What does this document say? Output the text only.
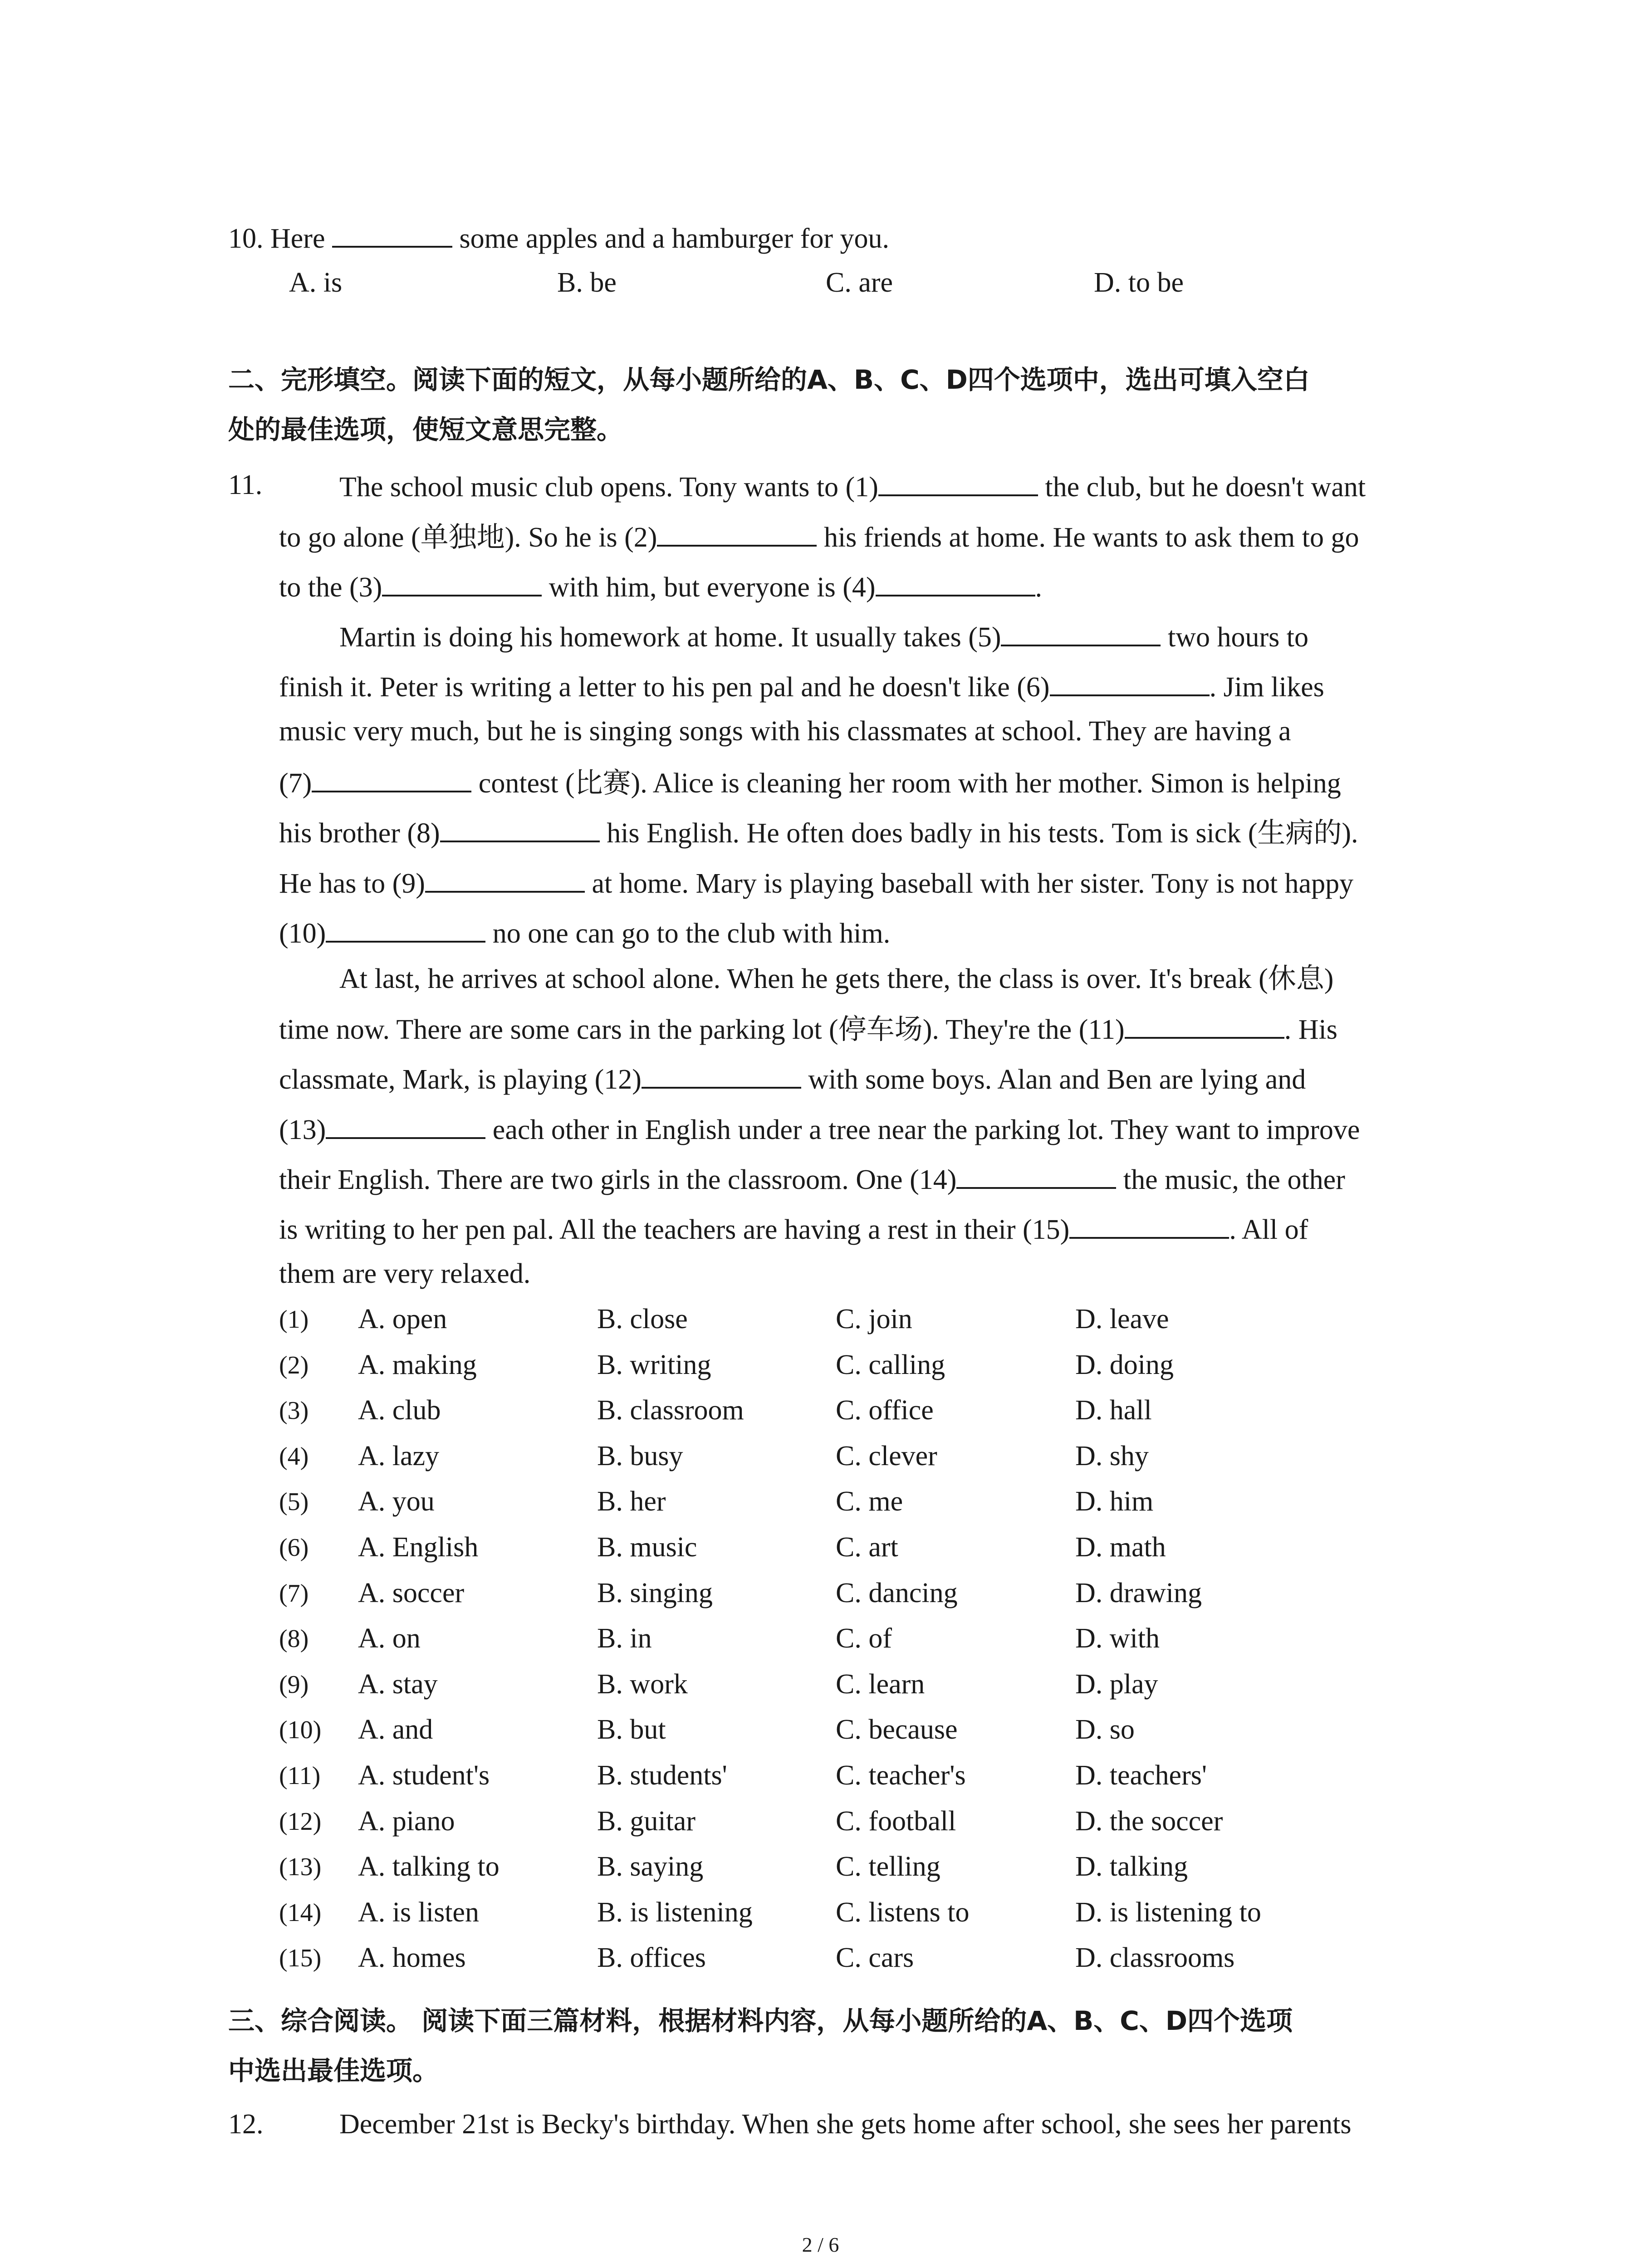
10. Here	some apples and a hamburger for you.
A. is	B. be	C. are	D. to be
二、完形填空。阅读下面的短文，从每小题所给的A、B、C、D四个选项中，选出可填入空白
处的最佳选项，使短文意思完整。
11.	The school music club opens. Tony wants to (1)	the club, but he doesn't want
to go alone (单独地). So he is (2)	his friends at home. He wants to ask them to go
to the (3)	with him, but everyone is (4)	.
Martin is doing his homework at home. It usually takes (5)	two hours to
finish it. Peter is writing a letter to his pen pal and he doesn't like (6)	. Jim likes
music very much, but he is singing songs with his classmates at school. They are having a
(7)	contest (比赛). Alice is cleaning her room with her mother. Simon is helping
his brother (8)	his English. He often does badly in his tests. Tom is sick (生病的).
He has to (9)	at home. Mary is playing baseball with her sister. Tony is not happy
(10)	no one can go to the club with him.
At last, he arrives at school alone. When he gets there, the class is over. It's break (休息)
time now. There are some cars in the parking lot (停车场). They're the (11)	. His
classmate, Mark, is playing (12)	with some boys. Alan and Ben are lying and
(13)	each other in English under a tree near the parking lot. They want to improve
their English. There are two girls in the classroom. One (14)	the music, the other
is writing to her pen pal. All the teachers are having a rest in their (15)	. All of
them are very relaxed.
(1) A. open	B. close	C. join	D. leave
(2) A. making	B. writing	C. calling	D. doing
(3) A. club	B. classroom	C. office	D. hall
(4) A. lazy	B. busy	C. clever	D. shy
(5) A. you	B. her	C. me	D. him
(6) A. English	B. music	C. art	D. math
(7) A. soccer	B. singing	C. dancing	D. drawing
(8) A. on	B. in	C. of	D. with
(9) A. stay	B. work	C. learn	D. play
(10) A. and	B. but	C. because	D. so
(11) A. student's	B. students'	C. teacher's	D. teachers'
(12) A. piano	B. guitar	C. football	D. the soccer
(13) A. talking to	B. saying	C. telling	D. talking
(14) A. is listen	B. is listening	C. listens to	D. is listening to
(15) A. homes	B. offices	C. cars	D. classrooms
三、综合阅读。 阅读下面三篇材料，根据材料内容，从每小题所给的A、B、C、D四个选项
中选出最佳选项。
12.	December 21st is Becky's birthday. When she gets home after school, she sees her parents
2 / 6
